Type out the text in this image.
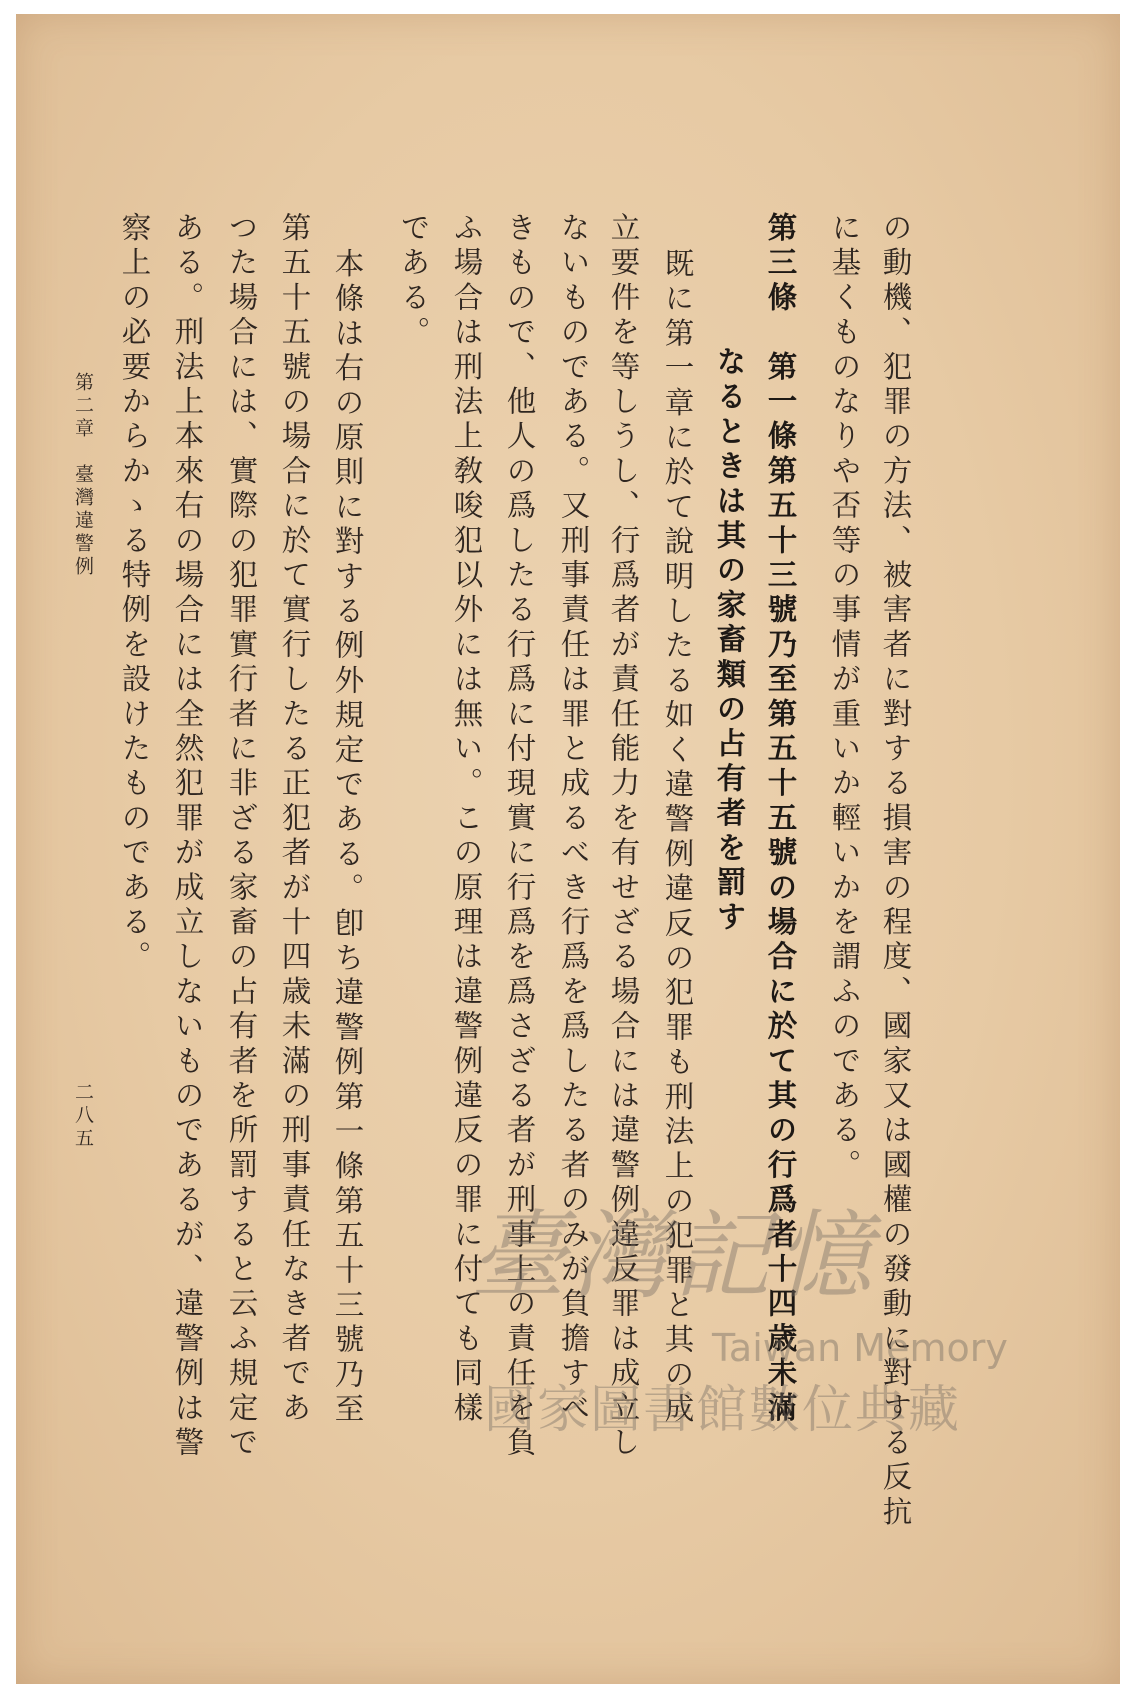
の動機、犯罪の方法、被害者に對する損害の程度、國家又は國權の發動に對する反抗
に基くものなりや否等の事情が重いか輕いかを謂ふのである。
第三條　第一條第五十三號乃至第五十五號の場合に於て其の行爲者十四歳未滿
なるときは其の家畜類の占有者を罰す
既に第一章に於て說明したる如く違警例違反の犯罪も刑法上の犯罪と其の成
立要件を等しうし、行爲者が責任能力を有せざる場合には違警例違反罪は成立し
ないものである。又刑事責任は罪と成るべき行爲を爲したる者のみが負擔すべ
きもので、他人の爲したる行爲に付現實に行爲を爲さざる者が刑事上の責任を負
ふ場合は刑法上敎唆犯以外には無い。この原理は違警例違反の罪に付ても同樣
である。
本條は右の原則に對する例外規定である。卽ち違警例第一條第五十三號乃至
第五十五號の場合に於て實行したる正犯者が十四歳未滿の刑事責任なき者であ
つた場合には、實際の犯罪實行者に非ざる家畜の占有者を所罰すると云ふ規定で
ある。刑法上本來右の場合には全然犯罪が成立しないものであるが、違警例は警
察上の必要からかゝる特例を設けたものである。
第二章　臺灣違警例
二八五
臺灣記憶
Taiwan Memory
國家圖書館數位典藏
